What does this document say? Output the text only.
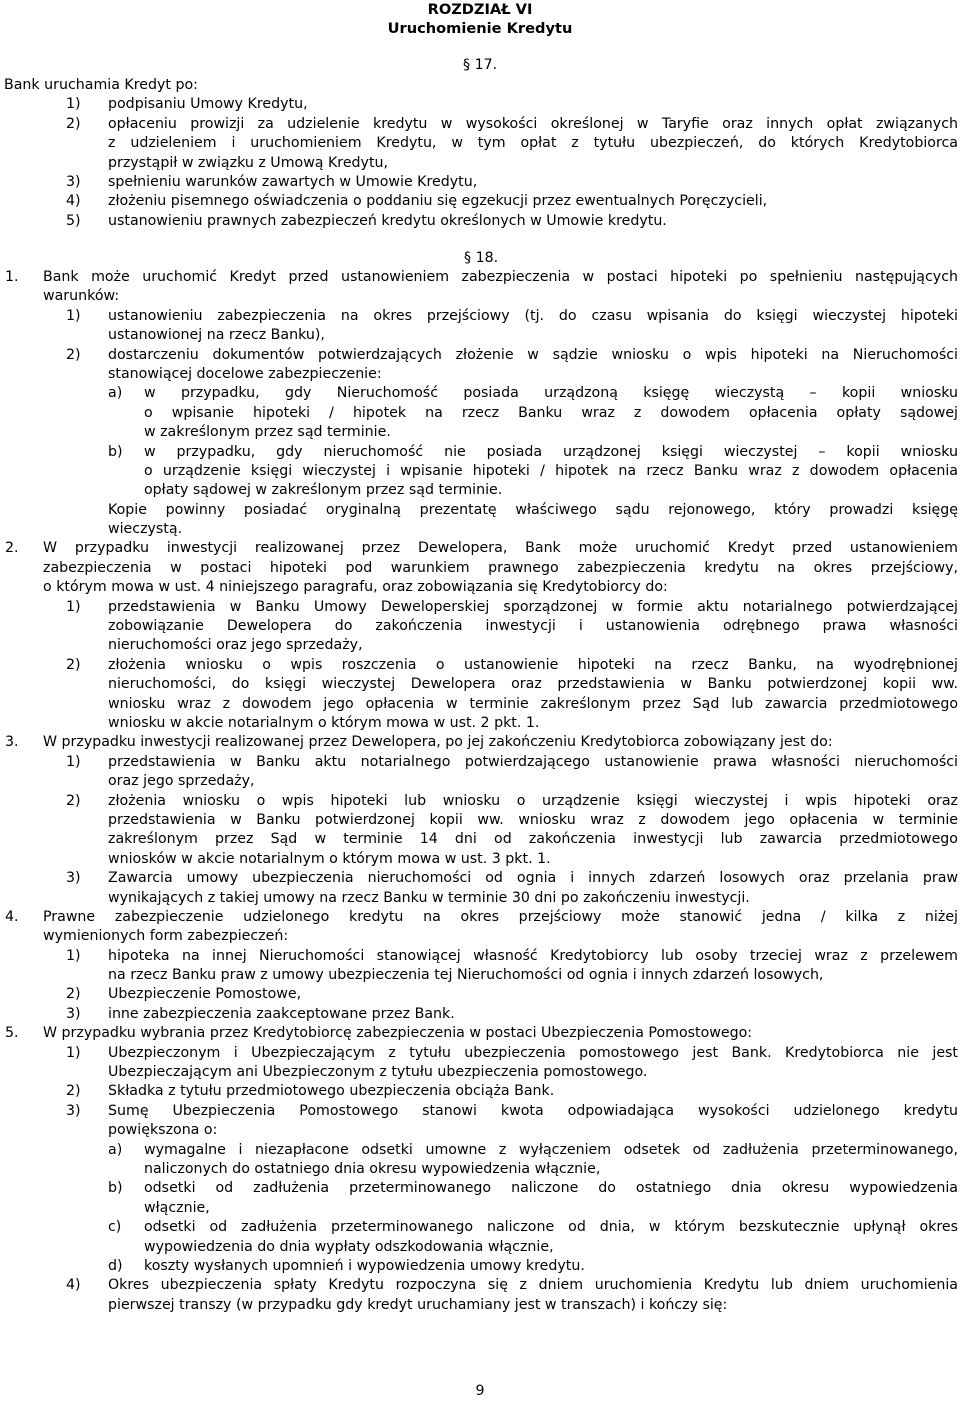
ROZDZIAŁ VI
Uruchomienie Kredytu
§ 17.
Bank uruchamia Kredyt po:
1) podpisaniu Umowy Kredytu,
2) opłaceniu prowizji za udzielenie kredytu w wysokości określonej w Taryfie oraz innych opłat związanych
z udzieleniem i uruchomieniem Kredytu, w tym opłat z tytułu ubezpieczeń, do których Kredytobiorca
przystąpił w związku z Umową Kredytu,
3) spełnieniu warunków zawartych w Umowie Kredytu,
4) złożeniu pisemnego oświadczenia o poddaniu się egzekucji przez ewentualnych Poręczycieli,
5) ustanowieniu prawnych zabezpieczeń kredytu określonych w Umowie kredytu.
§ 18.
1. Bank może uruchomić Kredyt przed ustanowieniem zabezpieczenia w postaci hipoteki po spełnieniu następujących
warunków:
1) ustanowieniu zabezpieczenia na okres przejściowy (tj. do czasu wpisania do księgi wieczystej hipoteki
ustanowionej na rzecz Banku),
2) dostarczeniu dokumentów potwierdzających złożenie w sądzie wniosku o wpis hipoteki na Nieruchomości
stanowiącej docelowe zabezpieczenie:
a) w przypadku, gdy Nieruchomość posiada urządzoną księgę wieczystą – kopii wniosku
o wpisanie hipoteki / hipotek na rzecz Banku wraz z dowodem opłacenia opłaty sądowej
w zakreślonym przez sąd terminie.
b) w przypadku, gdy nieruchomość nie posiada urządzonej księgi wieczystej – kopii wniosku
o urządzenie księgi wieczystej i wpisanie hipoteki / hipotek na rzecz Banku wraz z dowodem opłacenia
opłaty sądowej w zakreślonym przez sąd terminie.
Kopie powinny posiadać oryginalną prezentatę właściwego sądu rejonowego, który prowadzi księgę
wieczystą.
2. W przypadku inwestycji realizowanej przez Dewelopera, Bank może uruchomić Kredyt przed ustanowieniem
zabezpieczenia w postaci hipoteki pod warunkiem prawnego zabezpieczenia kredytu na okres przejściowy,
o którym mowa w ust. 4 niniejszego paragrafu, oraz zobowiązania się Kredytobiorcy do:
1) przedstawienia w Banku Umowy Deweloperskiej sporządzonej w formie aktu notarialnego potwierdzającej
zobowiązanie Dewelopera do zakończenia inwestycji i ustanowienia odrębnego prawa własności
nieruchomości oraz jego sprzedaży,
2) złożenia wniosku o wpis roszczenia o ustanowienie hipoteki na rzecz Banku, na wyodrębnionej
nieruchomości, do księgi wieczystej Dewelopera oraz przedstawienia w Banku potwierdzonej kopii ww.
wniosku wraz z dowodem jego opłacenia w terminie zakreślonym przez Sąd lub zawarcia przedmiotowego
wniosku w akcie notarialnym o którym mowa w ust. 2 pkt. 1.
3. W przypadku inwestycji realizowanej przez Dewelopera, po jej zakończeniu Kredytobiorca zobowiązany jest do:
1) przedstawienia w Banku aktu notarialnego potwierdzającego ustanowienie prawa własności nieruchomości
oraz jego sprzedaży,
2) złożenia wniosku o wpis hipoteki lub wniosku o urządzenie księgi wieczystej i wpis hipoteki oraz
przedstawienia w Banku potwierdzonej kopii ww. wniosku wraz z dowodem jego opłacenia w terminie
zakreślonym przez Sąd w terminie 14 dni od zakończenia inwestycji lub zawarcia przedmiotowego
wniosków w akcie notarialnym o którym mowa w ust. 3 pkt. 1.
3) Zawarcia umowy ubezpieczenia nieruchomości od ognia i innych zdarzeń losowych oraz przelania praw
wynikających z takiej umowy na rzecz Banku w terminie 30 dni po zakończeniu inwestycji.
4. Prawne zabezpieczenie udzielonego kredytu na okres przejściowy może stanowić jedna / kilka z niżej
wymienionych form zabezpieczeń:
1) hipoteka na innej Nieruchomości stanowiącej własność Kredytobiorcy lub osoby trzeciej wraz z przelewem
na rzecz Banku praw z umowy ubezpieczenia tej Nieruchomości od ognia i innych zdarzeń losowych,
2) Ubezpieczenie Pomostowe,
3) inne zabezpieczenia zaakceptowane przez Bank.
5. W przypadku wybrania przez Kredytobiorcę zabezpieczenia w postaci Ubezpieczenia Pomostowego:
1) Ubezpieczonym i Ubezpieczającym z tytułu ubezpieczenia pomostowego jest Bank. Kredytobiorca nie jest
Ubezpieczającym ani Ubezpieczonym z tytułu ubezpieczenia pomostowego.
2) Składka z tytułu przedmiotowego ubezpieczenia obciąża Bank.
3) Sumę Ubezpieczenia Pomostowego stanowi kwota odpowiadająca wysokości udzielonego kredytu
powiększona o:
a) wymagalne i niezapłacone odsetki umowne z wyłączeniem odsetek od zadłużenia przeterminowanego,
naliczonych do ostatniego dnia okresu wypowiedzenia włącznie,
b) odsetki od zadłużenia przeterminowanego naliczone do ostatniego dnia okresu wypowiedzenia
włącznie,
c) odsetki od zadłużenia przeterminowanego naliczone od dnia, w którym bezskutecznie upłynął okres
wypowiedzenia do dnia wypłaty odszkodowania włącznie,
d) koszty wysłanych upomnień i wypowiedzenia umowy kredytu.
4) Okres ubezpieczenia spłaty Kredytu rozpoczyna się z dniem uruchomienia Kredytu lub dniem uruchomienia
pierwszej transzy (w przypadku gdy kredyt uruchamiany jest w transzach) i kończy się:
9
